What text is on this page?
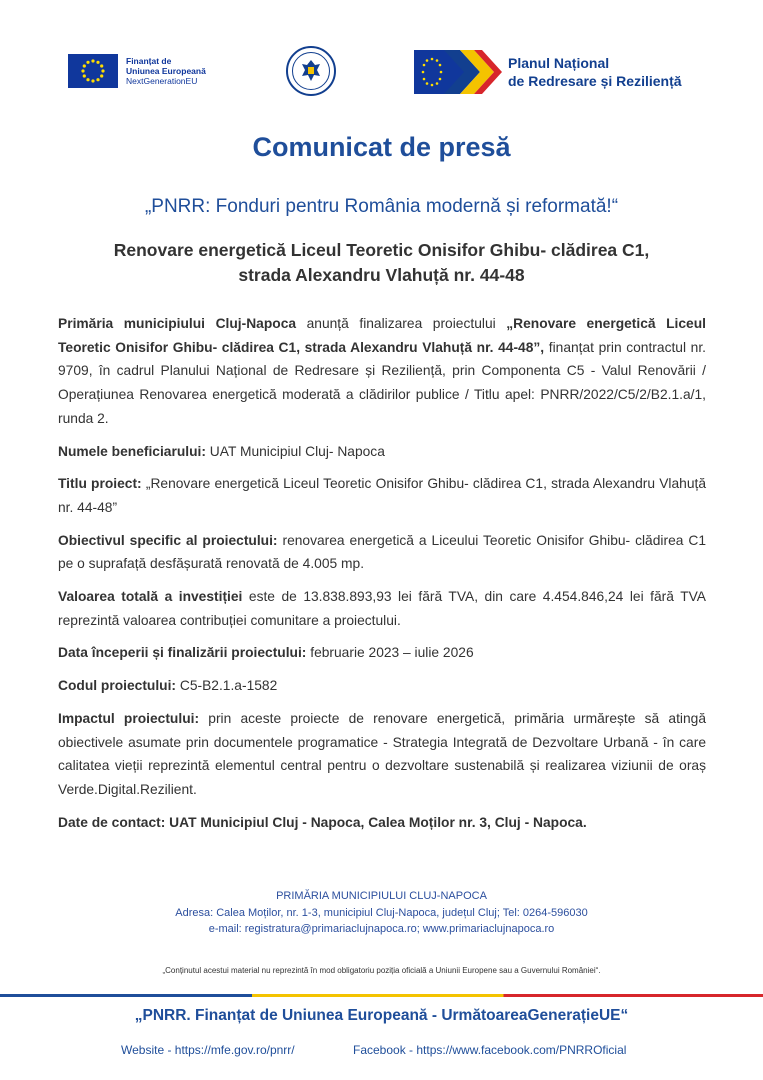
Finanțat de
Uniunea Europeană
NextGenerationEU
Planul Național
de Redresare și Reziliență
Comunicat de presă
„PNRR: Fonduri pentru România modernă și reformată!“
Renovare energetică Liceul Teoretic Onisifor Ghibu- clădirea C1,
strada Alexandru Vlahuță nr. 44-48

Primăria municipiului Cluj-Napoca anunță finalizarea proiectului „Renovare energetică Liceul Teoretic Onisifor Ghibu- clădirea C1, strada Alexandru Vlahuță nr. 44-48”, finanțat prin contractul nr. 9709, în cadrul Planului Național de Redresare și Reziliență, prin Componenta C5 - Valul Renovării / Operațiunea Renovarea energetică moderată a clădirilor publice / Titlu apel: PNRR/2022/C5/2/B2.1.a/1, runda 2.

Numele beneficiarului: UAT Municipiul Cluj- Napoca

Titlu proiect: „Renovare energetică Liceul Teoretic Onisifor Ghibu- clădirea C1, strada Alexandru Vlahuță nr. 44-48”

Obiectivul specific al proiectului: renovarea energetică a Liceului Teoretic Onisifor Ghibu- clădirea C1 pe o suprafață desfășurată renovată de 4.005 mp.

Valoarea totală a investiției este de 13.838.893,93 lei fără TVA, din care 4.454.846,24 lei fără TVA reprezintă valoarea contribuției comunitare a proiectului.

Data începerii și finalizării proiectului: februarie 2023 – iulie 2026

Codul proiectului: C5-B2.1.a-1582

Impactul proiectului: prin aceste proiecte de renovare energetică, primăria urmărește să atingă obiectivele asumate prin documentele programatice - Strategia Integrată de Dezvoltare Urbană - în care calitatea vieții reprezintă elementul central pentru o dezvoltare sustenabilă și realizarea viziunii de oraș Verde.Digital.Rezilient.

Date de contact: UAT Municipiul Cluj - Napoca, Calea Moților nr. 3, Cluj - Napoca.

PRIMĂRIA MUNICIPIULUI CLUJ-NAPOCA
Adresa: Calea Moților, nr. 1-3, municipiul Cluj-Napoca, județul Cluj; Tel: 0264-596030
e-mail: registratura@primariaclujnapoca.ro; www.primariaclujnapoca.ro
„Conținutul acestui material nu reprezintă în mod obligatoriu poziția oficială a Uniunii Europene sau a Guvernului României“.
„PNRR. Finanțat de Uniunea Europeană - UrmătoareaGenerațieUE“
Website - https://mfe.gov.ro/pnrr/	Facebook - https://www.facebook.com/PNRROficial
